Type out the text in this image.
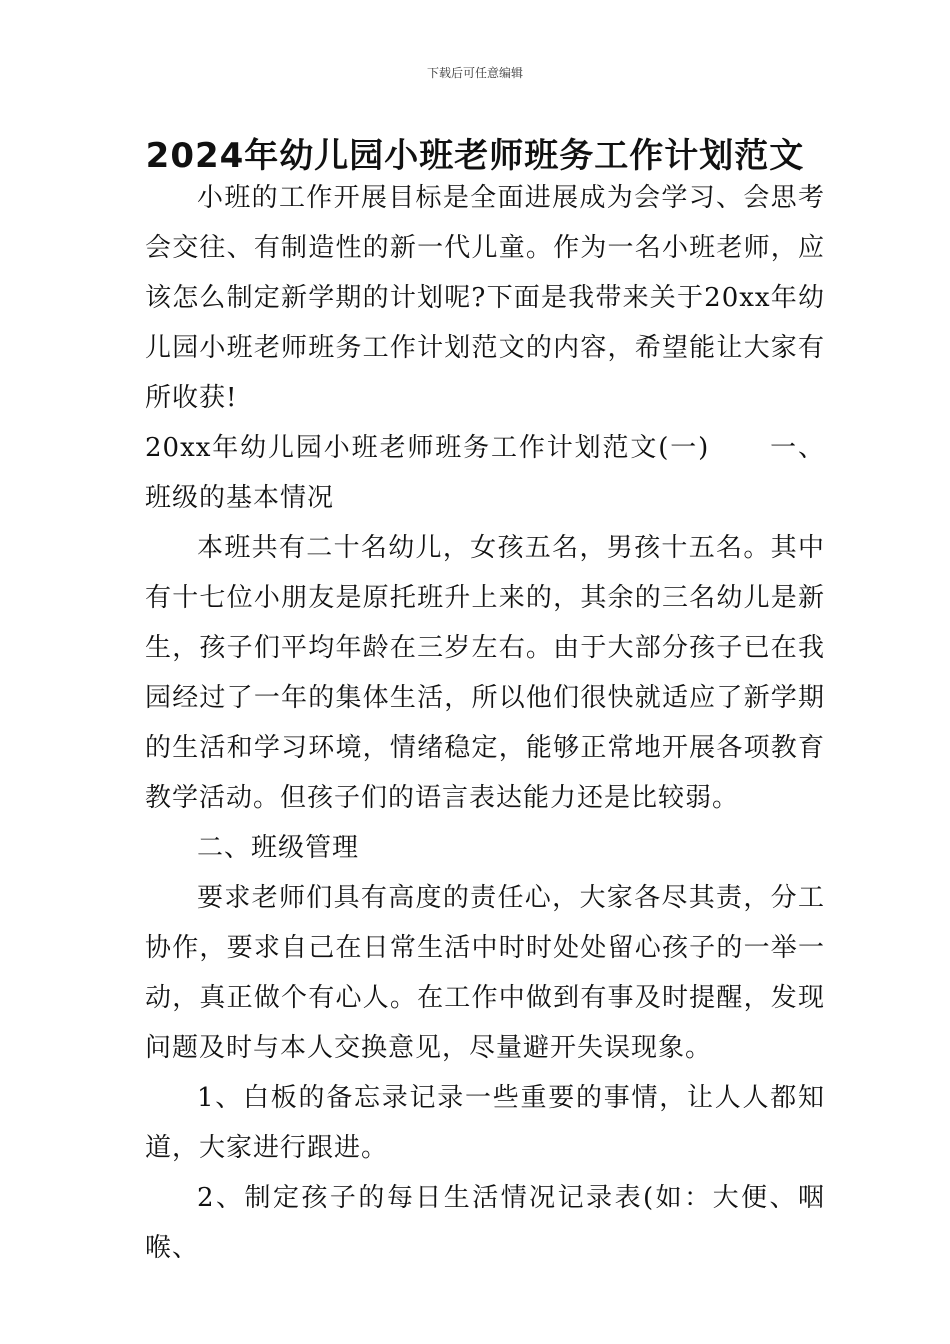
下载后可任意编辑
2024年幼儿园小班老师班务工作计划范文

小班的工作开展目标是全面进展成为会学习、会思考会交往、有制造性的新一代儿童。作为一名小班老师，应该怎么制定新学期的计划呢?下面是我带来关于20xx年幼儿园小班老师班务工作计划范文的内容，希望能让大家有所收获!

20xx年幼儿园小班老师班务工作计划范文(一) 一、班级的基本情况

本班共有二十名幼儿，女孩五名，男孩十五名。其中有十七位小朋友是原托班升上来的，其余的三名幼儿是新生，孩子们平均年龄在三岁左右。由于大部分孩子已在我园经过了一年的集体生活，所以他们很快就适应了新学期的生活和学习环境，情绪稳定，能够正常地开展各项教育教学活动。但孩子们的语言表达能力还是比较弱。

二、班级管理

要求老师们具有高度的责任心，大家各尽其责，分工协作，要求自己在日常生活中时时处处留心孩子的一举一动，真正做个有心人。在工作中做到有事及时提醒，发现问题及时与本人交换意见，尽量避开失误现象。

1、白板的备忘录记录一些重要的事情，让人人都知道，大家进行跟进。

2、制定孩子的每日生活情况记录表(如：大便、咽喉、
